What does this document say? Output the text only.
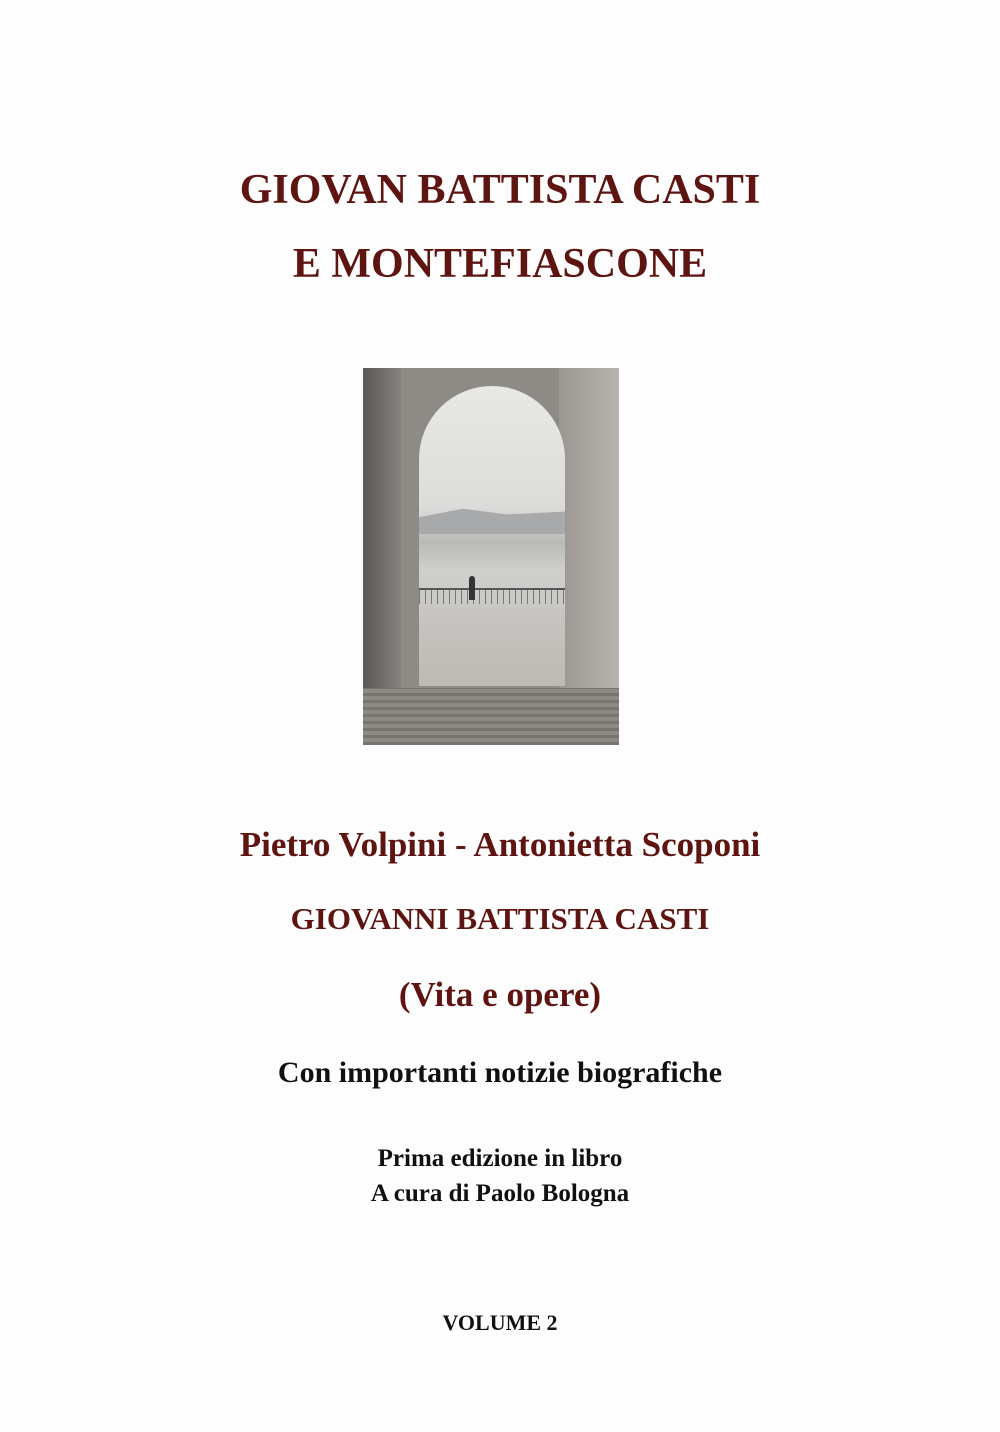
GIOVAN BATTISTA CASTI
E MONTEFIASCONE
Pietro Volpini - Antonietta Scoponi
GIOVANNI BATTISTA CASTI
(Vita e opere)
Con importanti notizie biografiche
Prima edizione in libro
A cura di Paolo Bologna
VOLUME 2
